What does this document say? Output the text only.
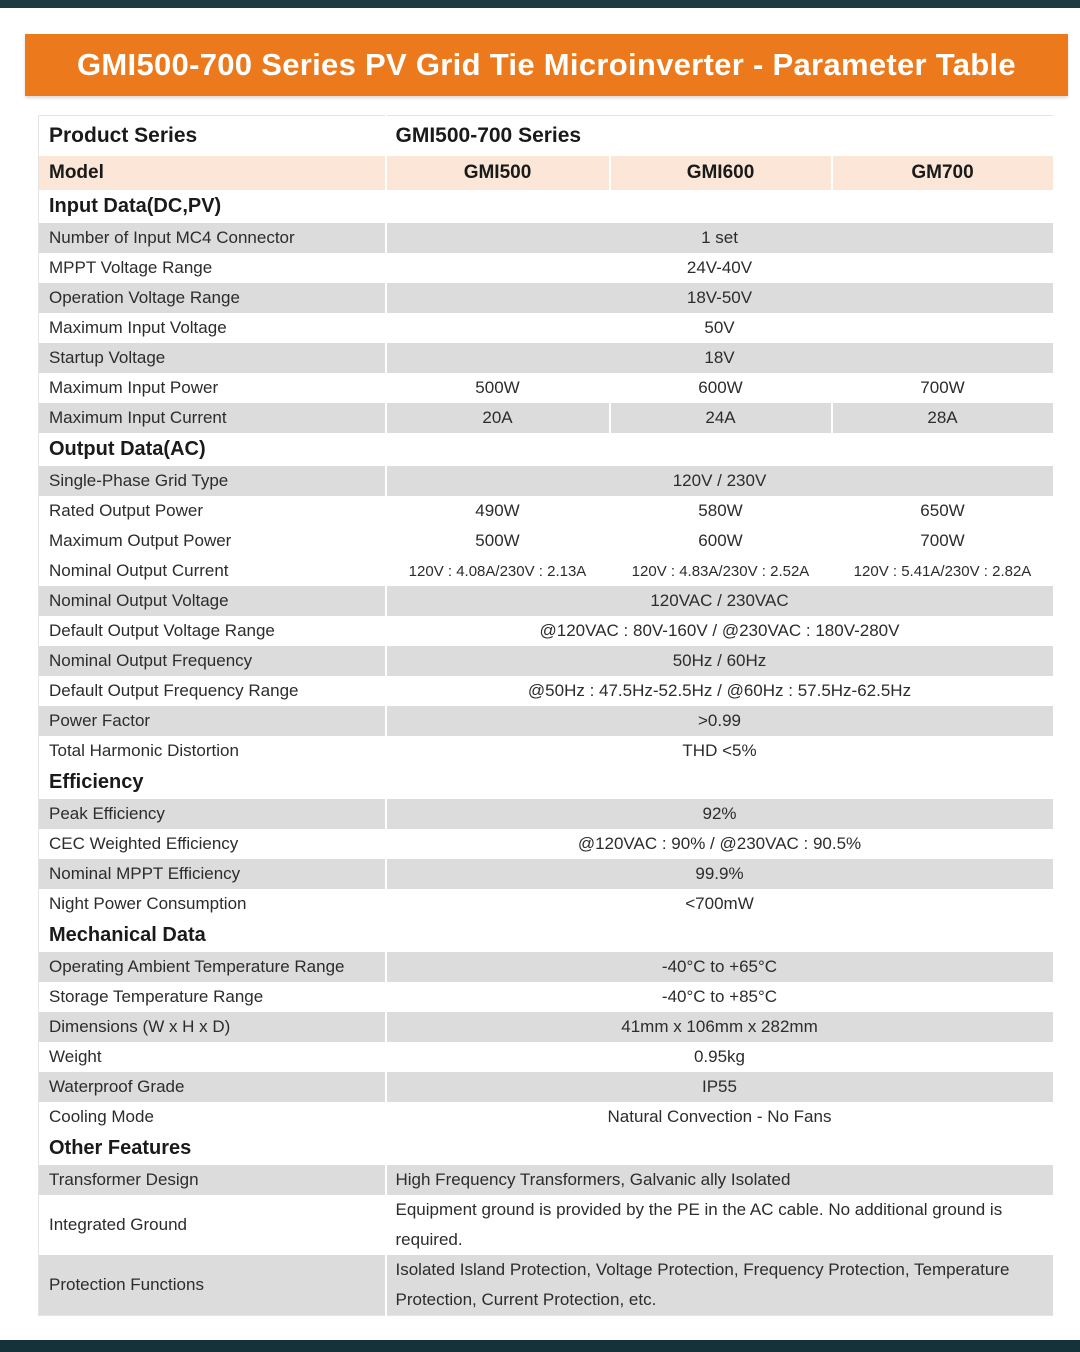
GMI500-700 Series PV Grid Tie Microinverter - Parameter Table
Product Series	GMI500-700 Series		
Model	GMI500	GMI600	GM700
Input Data(DC,PV)			
Number of Input MC4 Connector	1 set		
MPPT Voltage Range	24V-40V		
Operation Voltage Range	18V-50V		
Maximum Input Voltage	50V		
Startup Voltage	18V		
Maximum Input Power	500W	600W	700W
Maximum Input Current	20A	24A	28A
Output Data(AC)			
Single-Phase Grid Type	120V / 230V		
Rated Output Power	490W	580W	650W
Maximum Output Power	500W	600W	700W
Nominal Output Current	120V : 4.08A/230V : 2.13A	120V : 4.83A/230V : 2.52A	120V : 5.41A/230V : 2.82A
Nominal Output Voltage	120VAC / 230VAC		
Default Output Voltage Range	@120VAC : 80V-160V / @230VAC : 180V-280V		
Nominal Output Frequency	50Hz / 60Hz		
Default Output Frequency Range	@50Hz : 47.5Hz-52.5Hz / @60Hz : 57.5Hz-62.5Hz		
Power Factor	>0.99		
Total Harmonic Distortion	THD <5%		
Efficiency			
Peak Efficiency	92%		
CEC Weighted Efficiency	@120VAC : 90% / @230VAC : 90.5%		
Nominal MPPT Efficiency	99.9%		
Night Power Consumption	<700mW		
Mechanical Data			
Operating Ambient Temperature Range	-40°C to +65°C		
Storage Temperature Range	-40°C to +85°C		
Dimensions (W x H x D)	41mm x 106mm x 282mm		
Weight	0.95kg		
Waterproof Grade	IP55		
Cooling Mode	Natural Convection - No Fans		
Other Features			
Transformer Design	High Frequency Transformers, Galvanic ally Isolated		
Integrated Ground	Equipment ground is provided by the PE in the AC cable. No additional ground is required.		
Protection Functions	Isolated Island Protection, Voltage Protection, Frequency Protection, Temperature Protection, Current Protection, etc.		
